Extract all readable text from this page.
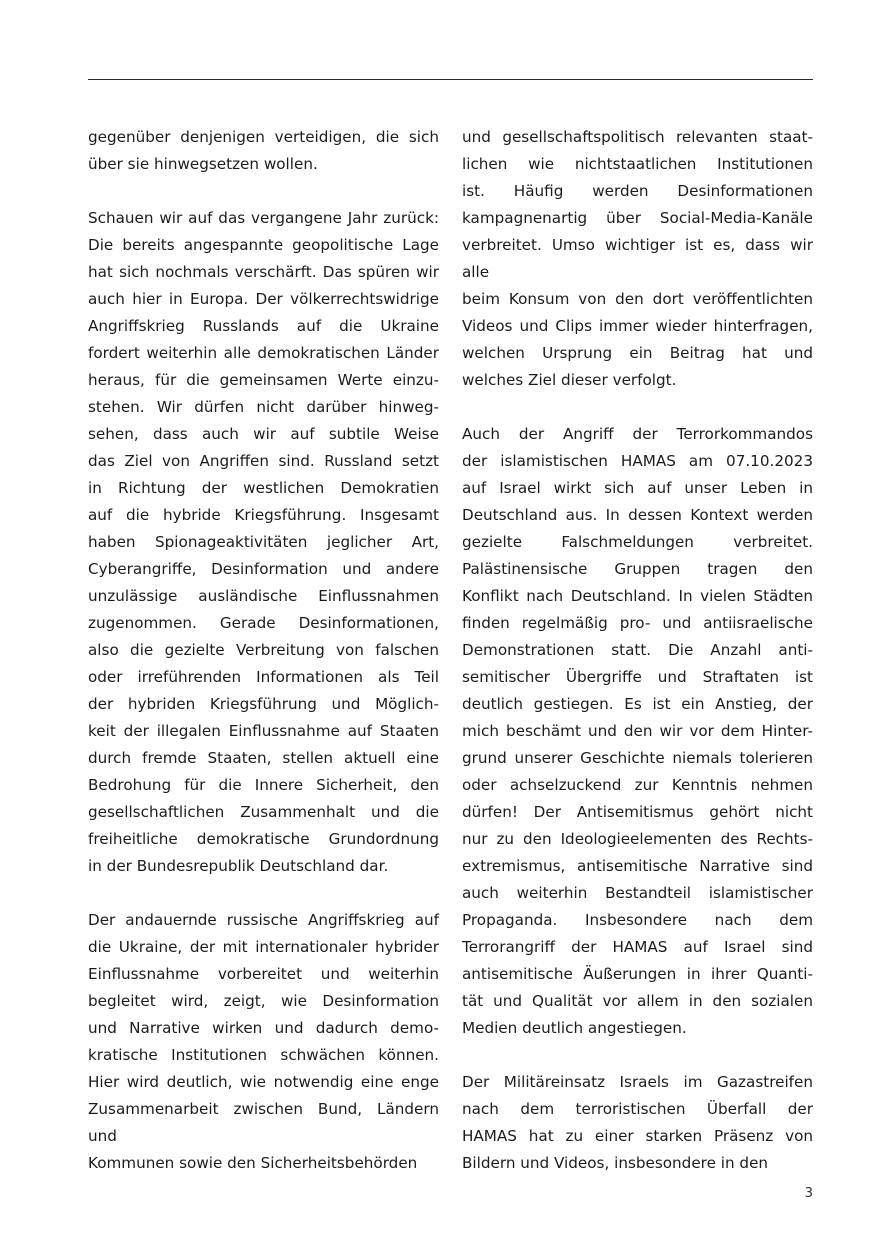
gegenüber denjenigen verteidigen, die sich
über sie hinwegsetzen wollen.

Schauen wir auf das vergangene Jahr zurück:
Die bereits angespannte geopolitische Lage
hat sich nochmals verschärft. Das spüren wir
auch hier in Europa. Der völkerrechtswidrige
Angriffskrieg Russlands auf die Ukraine
fordert weiterhin alle demokratischen Länder
heraus, für die gemeinsamen Werte einzu-
stehen. Wir dürfen nicht darüber hinweg-
sehen, dass auch wir auf subtile Weise
das Ziel von Angriffen sind. Russland setzt
in Richtung der westlichen Demokratien
auf die hybride Kriegsführung. Insgesamt
haben Spionageaktivitäten jeglicher Art,
Cyberangriffe, Desinformation und andere
unzulässige ausländische Einflussnahmen
zugenommen. Gerade Desinformationen,
also die gezielte Verbreitung von falschen
oder irreführenden Informationen als Teil
der hybriden Kriegsführung und Möglich-
keit der illegalen Einflussnahme auf Staaten
durch fremde Staaten, stellen aktuell eine
Bedrohung für die Innere Sicherheit, den
gesellschaftlichen Zusammenhalt und die
freiheitliche demokratische Grundordnung
in der Bundesrepublik Deutschland dar.

Der andauernde russische Angriffskrieg auf
die Ukraine, der mit internationaler hybrider
Einflussnahme vorbereitet und weiterhin
begleitet wird, zeigt, wie Desinformation
und Narrative wirken und dadurch demo-
kratische Institutionen schwächen können.
Hier wird deutlich, wie notwendig eine enge
Zusammenarbeit zwischen Bund, Ländern und
Kommunen sowie den Sicherheitsbehörden

und gesellschaftspolitisch relevanten staat-
lichen wie nichtstaatlichen Institutionen
ist. Häufig werden Desinformationen
kampagnenartig über Social-Media-Kanäle
verbreitet. Umso wichtiger ist es, dass wir alle
beim Konsum von den dort veröffentlichten
Videos und Clips immer wieder hinterfragen,
welchen Ursprung ein Beitrag hat und
welches Ziel dieser verfolgt.

Auch der Angriff der Terrorkommandos
der islamistischen HAMAS am 07.10.2023
auf Israel wirkt sich auf unser Leben in
Deutschland aus. In dessen Kontext werden
gezielte Falschmeldungen verbreitet.
Palästinensische Gruppen tragen den
Konflikt nach Deutschland. In vielen Städten
finden regelmäßig pro- und antiisraelische
Demonstrationen statt. Die Anzahl anti-
semitischer Übergriffe und Straftaten ist
deutlich gestiegen. Es ist ein Anstieg, der
mich beschämt und den wir vor dem Hinter-
grund unserer Geschichte niemals tolerieren
oder achselzuckend zur Kenntnis nehmen
dürfen! Der Antisemitismus gehört nicht
nur zu den Ideologieelementen des Rechts-
extremismus, antisemitische Narrative sind
auch weiterhin Bestandteil islamistischer
Propaganda. Insbesondere nach dem
Terrorangriff der HAMAS auf Israel sind
antisemitische Äußerungen in ihrer Quanti-
tät und Qualität vor allem in den sozialen
Medien deutlich angestiegen.

Der Militäreinsatz Israels im Gazastreifen
nach dem terroristischen Überfall der
HAMAS hat zu einer starken Präsenz von
Bildern und Videos, insbesondere in den

3
